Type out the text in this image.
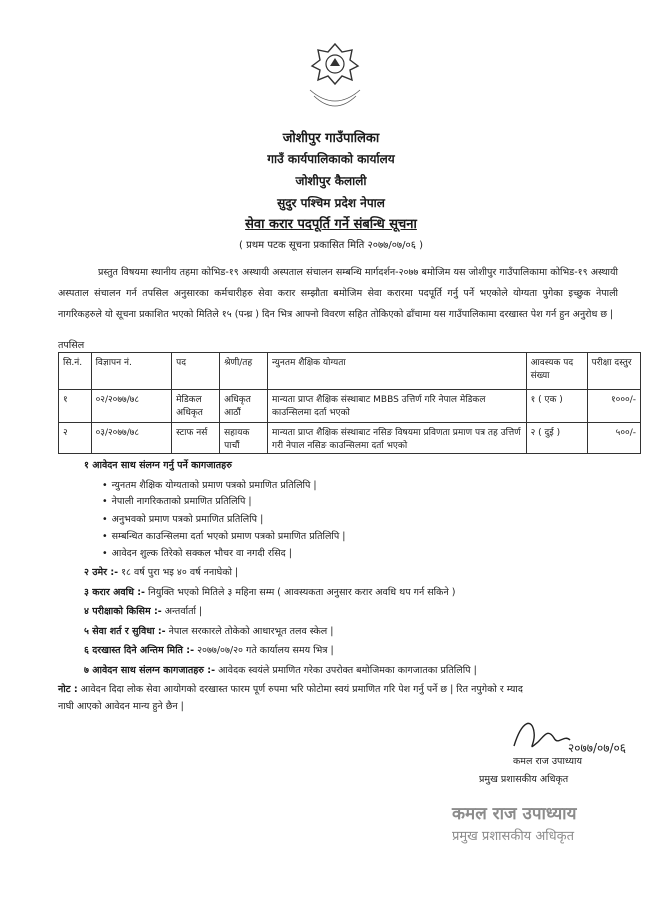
जोशीपुर गाउँपालिका
गाउँ कार्यपालिकाको कार्यालय
जोशीपुर कैलाली
सुदुर पश्चिम प्रदेश नेपाल
सेवा करार पदपूर्ति गर्ने संबन्धि सूचना
( प्रथम पटक सूचना प्रकासित मिति २०७७/०७/०६ )
प्रस्तुत विषयमा स्थानीय तहमा कोभिड-१९ अस्थायी अस्पताल संचालन सम्बन्धि मार्गदर्शन-२०७७ बमोजिम यस जोशीपुर गाउँपालिकामा कोभिड-१९ अस्थायी अस्पताल संचालन गर्न तपसिल अनुसारका कर्मचारीहरु सेवा करार सम्झौता बमोजिम सेवा करारमा पदपूर्ति गर्नु पर्ने भएकोले योग्यता पुगेका इच्छुक नेपाली नागरिकहरुले यो सूचना प्रकाशित भएको मितिले १५ (पन्ध्र ) दिन भित्र आफ्नो विवरण सहित तोकिएको ढाँचामा यस गाउँपालिकामा दरखास्त पेश गर्न हुन अनुरोध छ |
तपसिल
सि.नं.	विज्ञापन नं.	पद	श्रेणी/तह	न्युनतम शैक्षिक योग्यता	आवस्यक पद संख्या	परीक्षा दस्तुर
१	०२/२०७७/७८	मेडिकल अधिकृत	अधिकृत आठौं	मान्यता प्राप्त शैक्षिक संस्थाबाट MBBS उत्तिर्ण गरि नेपाल मेडिकल काउन्सिलमा दर्ता भएको	१ ( एक )	१०००/-
२	०३/२०७७/७८	स्टाफ नर्स	सहायक पाचौं	मान्यता प्राप्त शैक्षिक संस्थाबाट नसिङ विषयमा प्रविणता प्रमाण पत्र तह उत्तिर्ण गरी नेपाल नसिङ काउन्सिलमा दर्ता भएको	२ ( दुई )	५००/-
१ आवेदन साथ संलग्न गर्नु पर्ने कागजातहरु
• न्युनतम शैक्षिक योग्यताको प्रमाण पत्रको प्रमाणित प्रतिलिपि |
• नेपाली नागरिकताको प्रमाणित प्रतिलिपि |
• अनुभवको प्रमाण पत्रको प्रमाणित प्रतिलिपि |
• सम्बन्धित काउन्सिलमा दर्ता भएको प्रमाण पत्रको प्रमाणित प्रतिलिपि |
• आवेदन शुल्क तिरेको सक्कल भौचर वा नगदी रसिद |
२ उमेर :- १८ वर्ष पुरा भइ ४० वर्ष ननाघेको |
३ करार अवधि :- नियुक्ति भएको मितिले ३ महिना सम्म ( आवस्यकता अनुसार करार अवधि थप गर्न सकिने )
४ परीक्षाको किसिम :- अन्तर्वार्ता |
५ सेवा शर्त र सुविधा :- नेपाल सरकारले तोकेको आधारभूत तलव स्केल |
६ दरखास्त दिने अन्तिम मिति :- २०७७/०७/२० गते कार्यालय समय भित्र |
७ आवेदन साथ संलग्न कागजातहरु :- आवेदक स्वयंले प्रमाणित गरेका उपरोक्त बमोजिमका कागजातका प्रतिलिपि |
नोट : आवेदन दिदा लोक सेवा आयोगको दरखास्त फारम पूर्ण रुपमा भरि फोटोमा स्वयं प्रमाणित गरि पेश गर्नु पर्ने छ | रित नपुगेको र म्याद
नाघी आएको आवेदन मान्य हुने छैन |
२०७७/०७/०६
कमल राज उपाध्याय
प्रमुख प्रशासकीय अधिकृत
कमल राज उपाध्याय
प्रमुख प्रशासकीय अधिकृत
